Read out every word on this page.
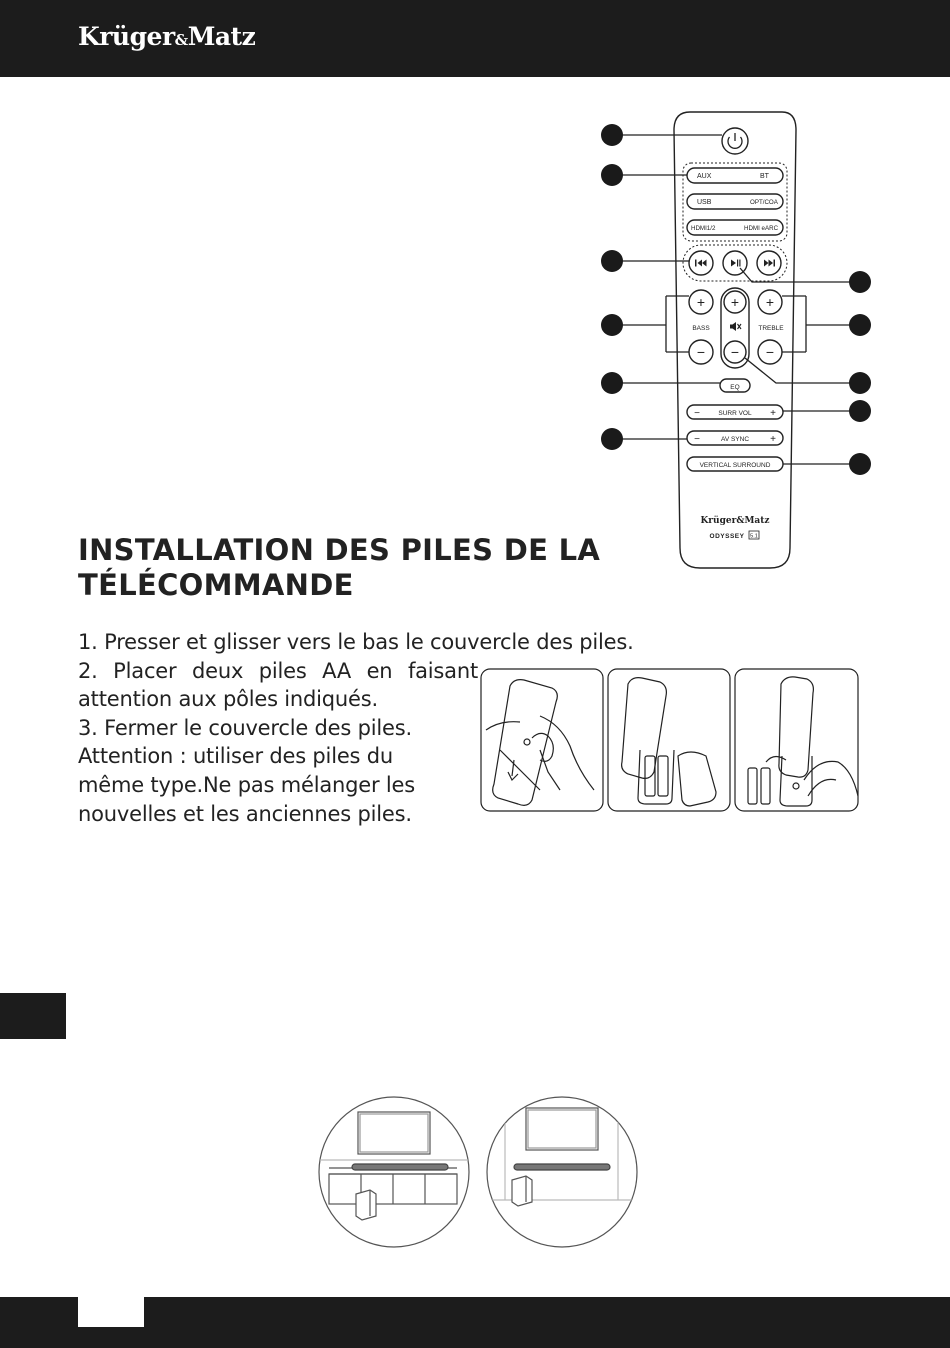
Krüger&Matz
AUX	BT
USB	OPT/COA
HDMI1/2	HDMI eARC
BASS	TREBLE
EQ
SURR VOL
AV SYNC
VERTICAL SURROUND
+
−
+
−
+
−
−	+
−	+
Krüger&Matz
ODYSSEY 5.1
INSTALLATION DES PILES DE LA
TÉLÉCOMMANDE
1. Presser et glisser vers le bas le couvercle des piles.
2. Placer deux piles AA en faisant
attention aux pôles indiqués.
3. Fermer le couvercle des piles.
Attention : utiliser des piles du
même type.Ne pas mélanger les
nouvelles et les anciennes piles.
